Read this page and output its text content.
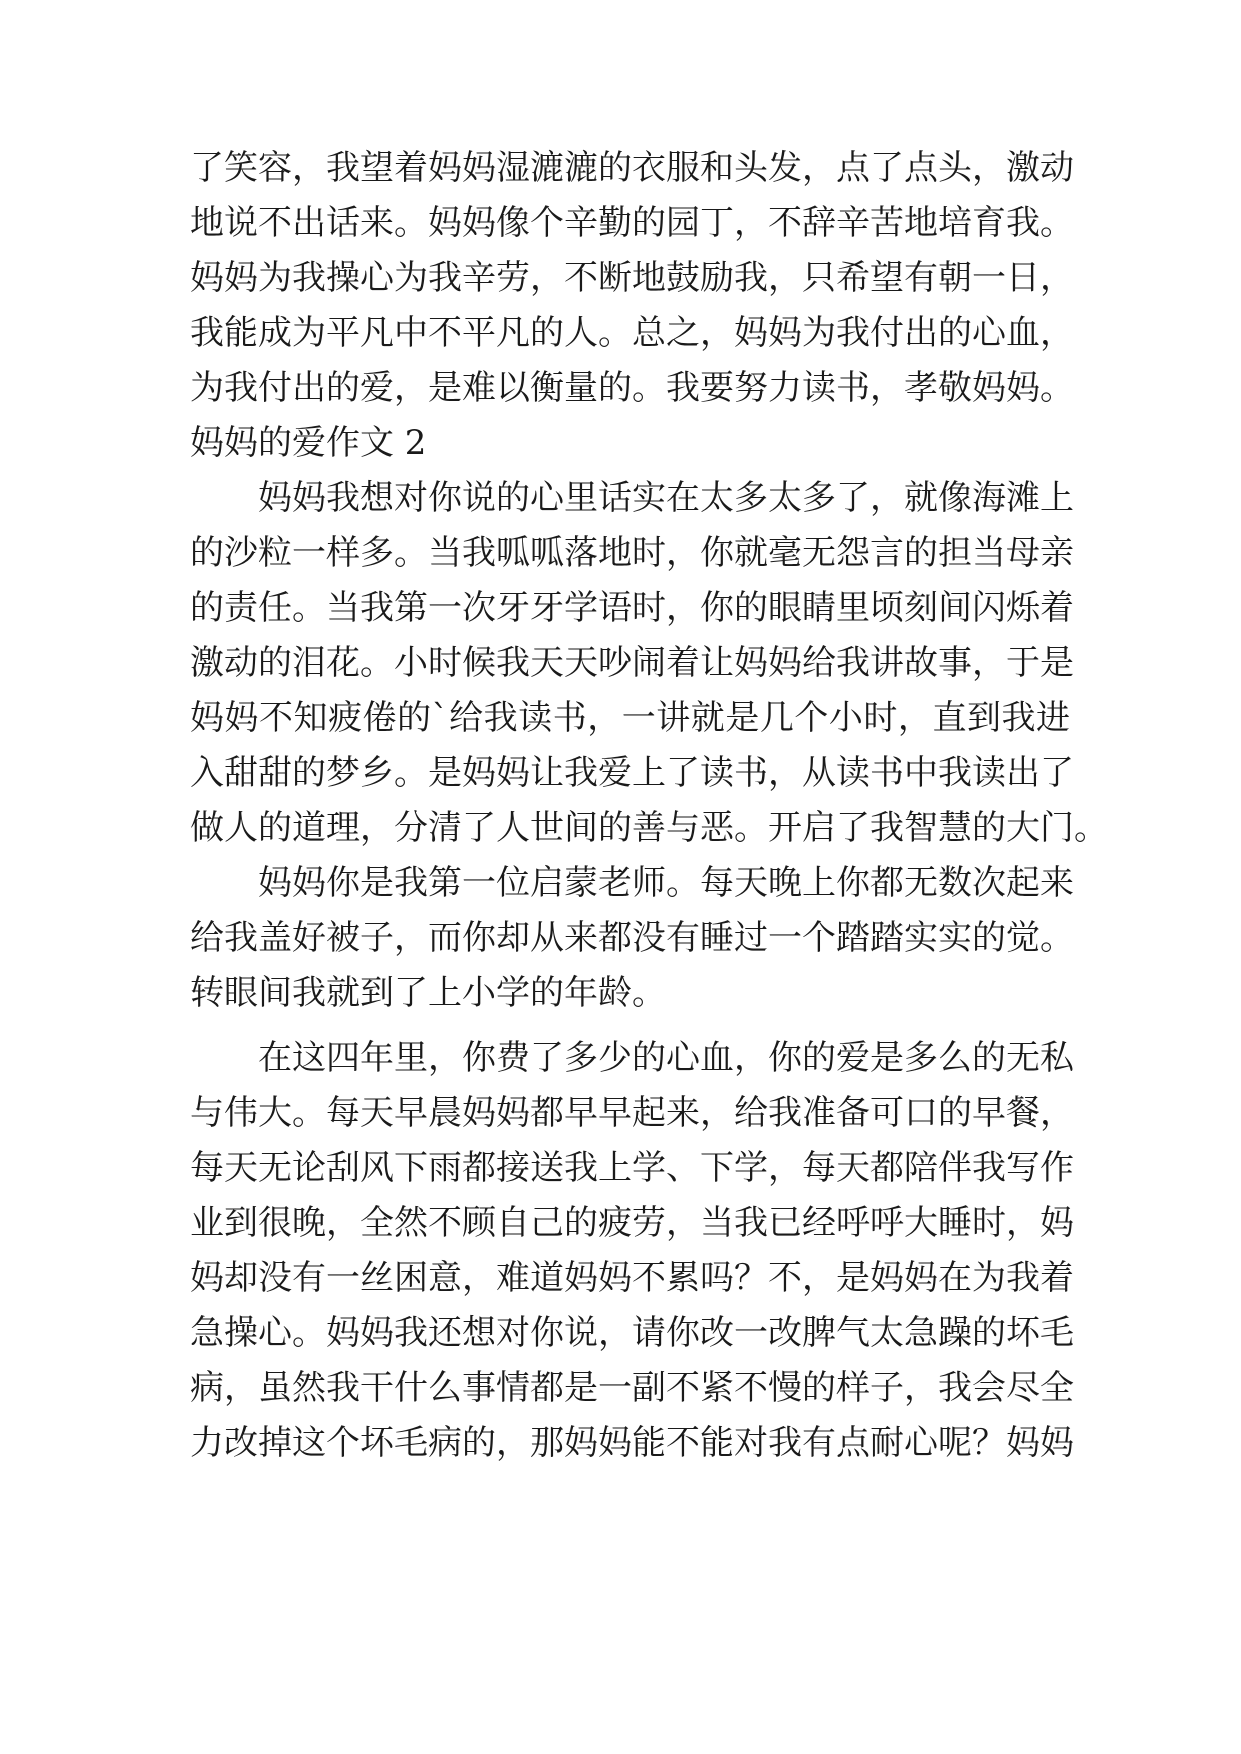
了笑容，我望着妈妈湿漉漉的衣服和头发，点了点头，激动
地说不出话来。妈妈像个辛勤的园丁，不辞辛苦地培育我。
妈妈为我操心为我辛劳，不断地鼓励我，只希望有朝一日，
我能成为平凡中不平凡的人。总之，妈妈为我付出的心血，
为我付出的爱，是难以衡量的。我要努力读书，孝敬妈妈。
妈妈的爱作文 2
妈妈我想对你说的心里话实在太多太多了，就像海滩上
的沙粒一样多。当我呱呱落地时，你就毫无怨言的担当母亲
的责任。当我第一次牙牙学语时，你的眼睛里顷刻间闪烁着
激动的泪花。小时候我天天吵闹着让妈妈给我讲故事，于是
妈妈不知疲倦的`给我读书，一讲就是几个小时，直到我进
入甜甜的梦乡。是妈妈让我爱上了读书，从读书中我读出了
做人的道理，分清了人世间的善与恶。开启了我智慧的大门。
妈妈你是我第一位启蒙老师。每天晚上你都无数次起来
给我盖好被子，而你却从来都没有睡过一个踏踏实实的觉。
转眼间我就到了上小学的年龄。
在这四年里，你费了多少的心血，你的爱是多么的无私
与伟大。每天早晨妈妈都早早起来，给我准备可口的早餐，
每天无论刮风下雨都接送我上学、下学，每天都陪伴我写作
业到很晚，全然不顾自己的疲劳，当我已经呼呼大睡时，妈
妈却没有一丝困意，难道妈妈不累吗？不，是妈妈在为我着
急操心。妈妈我还想对你说，请你改一改脾气太急躁的坏毛
病，虽然我干什么事情都是一副不紧不慢的样子，我会尽全
力改掉这个坏毛病的，那妈妈能不能对我有点耐心呢？妈妈
